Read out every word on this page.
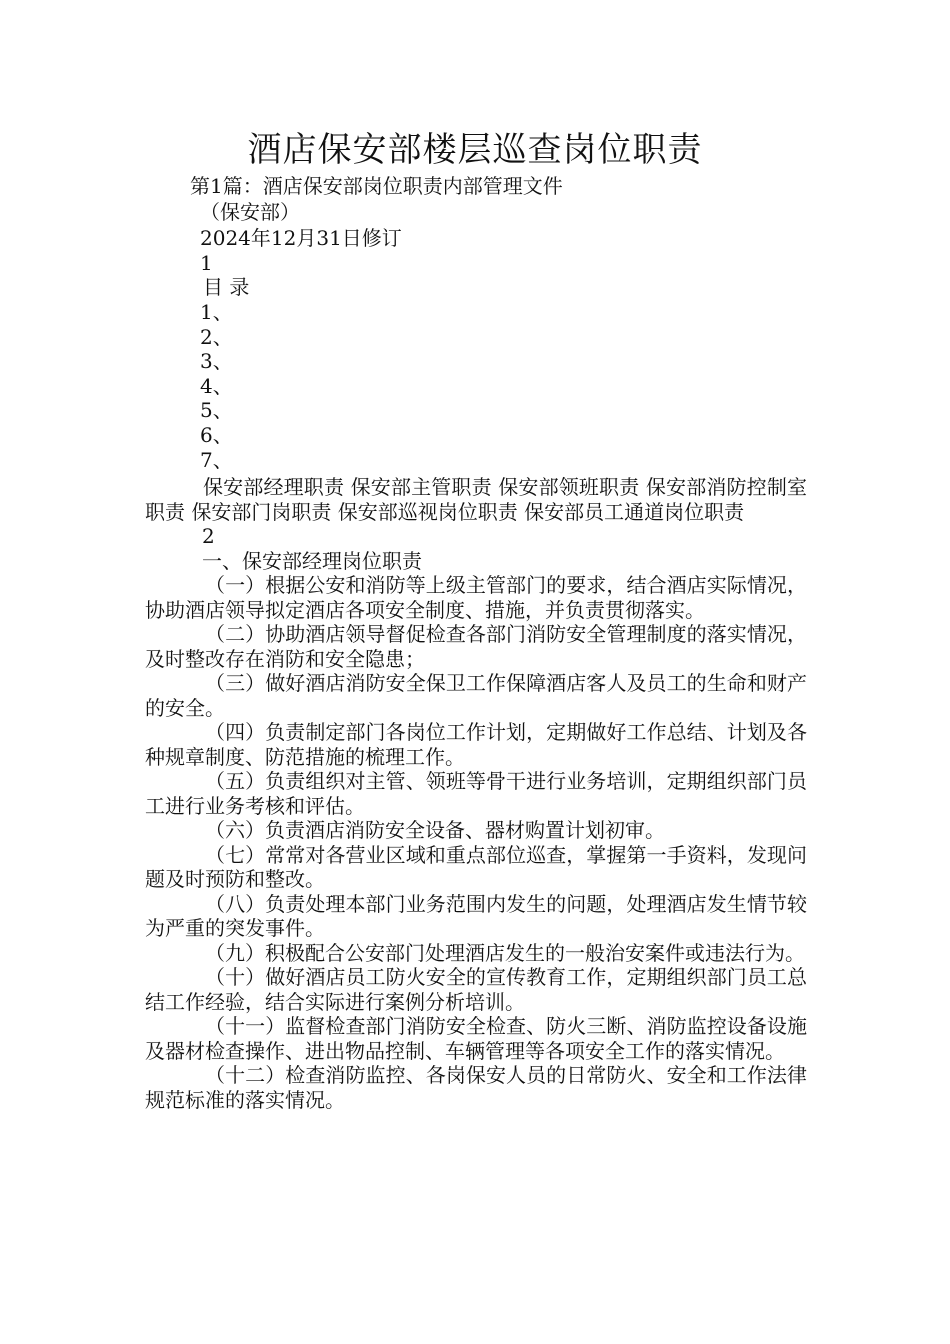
酒店保安部楼层巡查岗位职责
第1篇：酒店保安部岗位职责内部管理文件
（保安部）
2024年12月31日修订
1
目 录
1、
2、
3、
4、
5、
6、
7、

保安部经理职责 保安部主管职责 保安部领班职责 保安部消防控制室职责 保安部门岗职责 保安部巡视岗位职责 保安部员工通道岗位职责

2

一、保安部经理岗位职责

（一）根据公安和消防等上级主管部门的要求，结合酒店实际情况，协助酒店领导拟定酒店各项安全制度、措施，并负责贯彻落实。

（二）协助酒店领导督促检查各部门消防安全管理制度的落实情况，及时整改存在消防和安全隐患；

（三）做好酒店消防安全保卫工作保障酒店客人及员工的生命和财产的安全。

（四）负责制定部门各岗位工作计划，定期做好工作总结、计划及各种规章制度、防范措施的梳理工作。

（五）负责组织对主管、领班等骨干进行业务培训，定期组织部门员工进行业务考核和评估。

（六）负责酒店消防安全设备、器材购置计划初审。

（七）常常对各营业区域和重点部位巡查，掌握第一手资料，发现问题及时预防和整改。

（八）负责处理本部门业务范围内发生的问题，处理酒店发生情节较为严重的突发事件。

（九）积极配合公安部门处理酒店发生的一般治安案件或违法行为。

（十）做好酒店员工防火安全的宣传教育工作，定期组织部门员工总结工作经验，结合实际进行案例分析培训。

（十一）监督检查部门消防安全检查、防火三断、消防监控设备设施及器材检查操作、进出物品控制、车辆管理等各项安全工作的落实情况。

（十二）检查消防监控、各岗保安人员的日常防火、安全和工作法律规范标准的落实情况。
